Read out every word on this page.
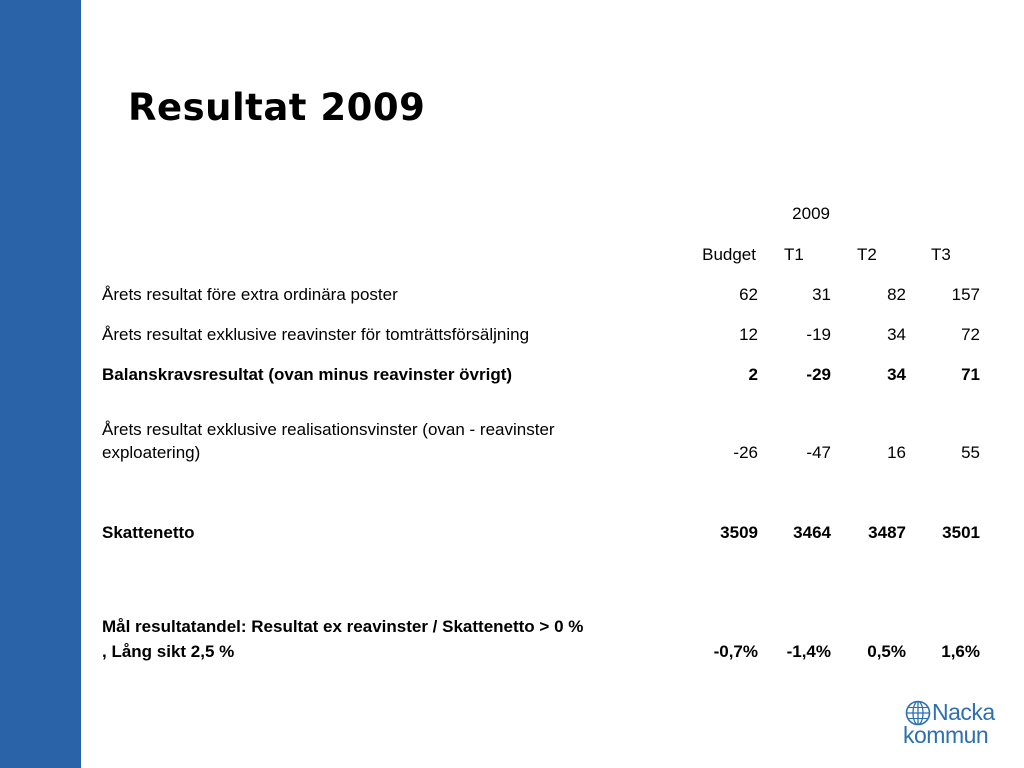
Resultat 2009
2009
Budget T1	T2	T3
Årets resultat före extra ordinära poster	62	31	82	157
Årets resultat exklusive reavinster för tomträttsförsäljning	12	-19	34	72
Balanskravsresultat (ovan minus reavinster övrigt)	2	-29	34	71
Årets resultat exklusive realisationsvinster (ovan - reavinster
exploatering)	-26	-47	16	55
Skattenetto	3509	3464	3487	3501
Mål resultatandel: Resultat ex reavinster / Skattenetto > 0 %
, Lång sikt 2,5 %	-0,7%	-1,4%	0,5%	1,6%
Nacka
kommun
